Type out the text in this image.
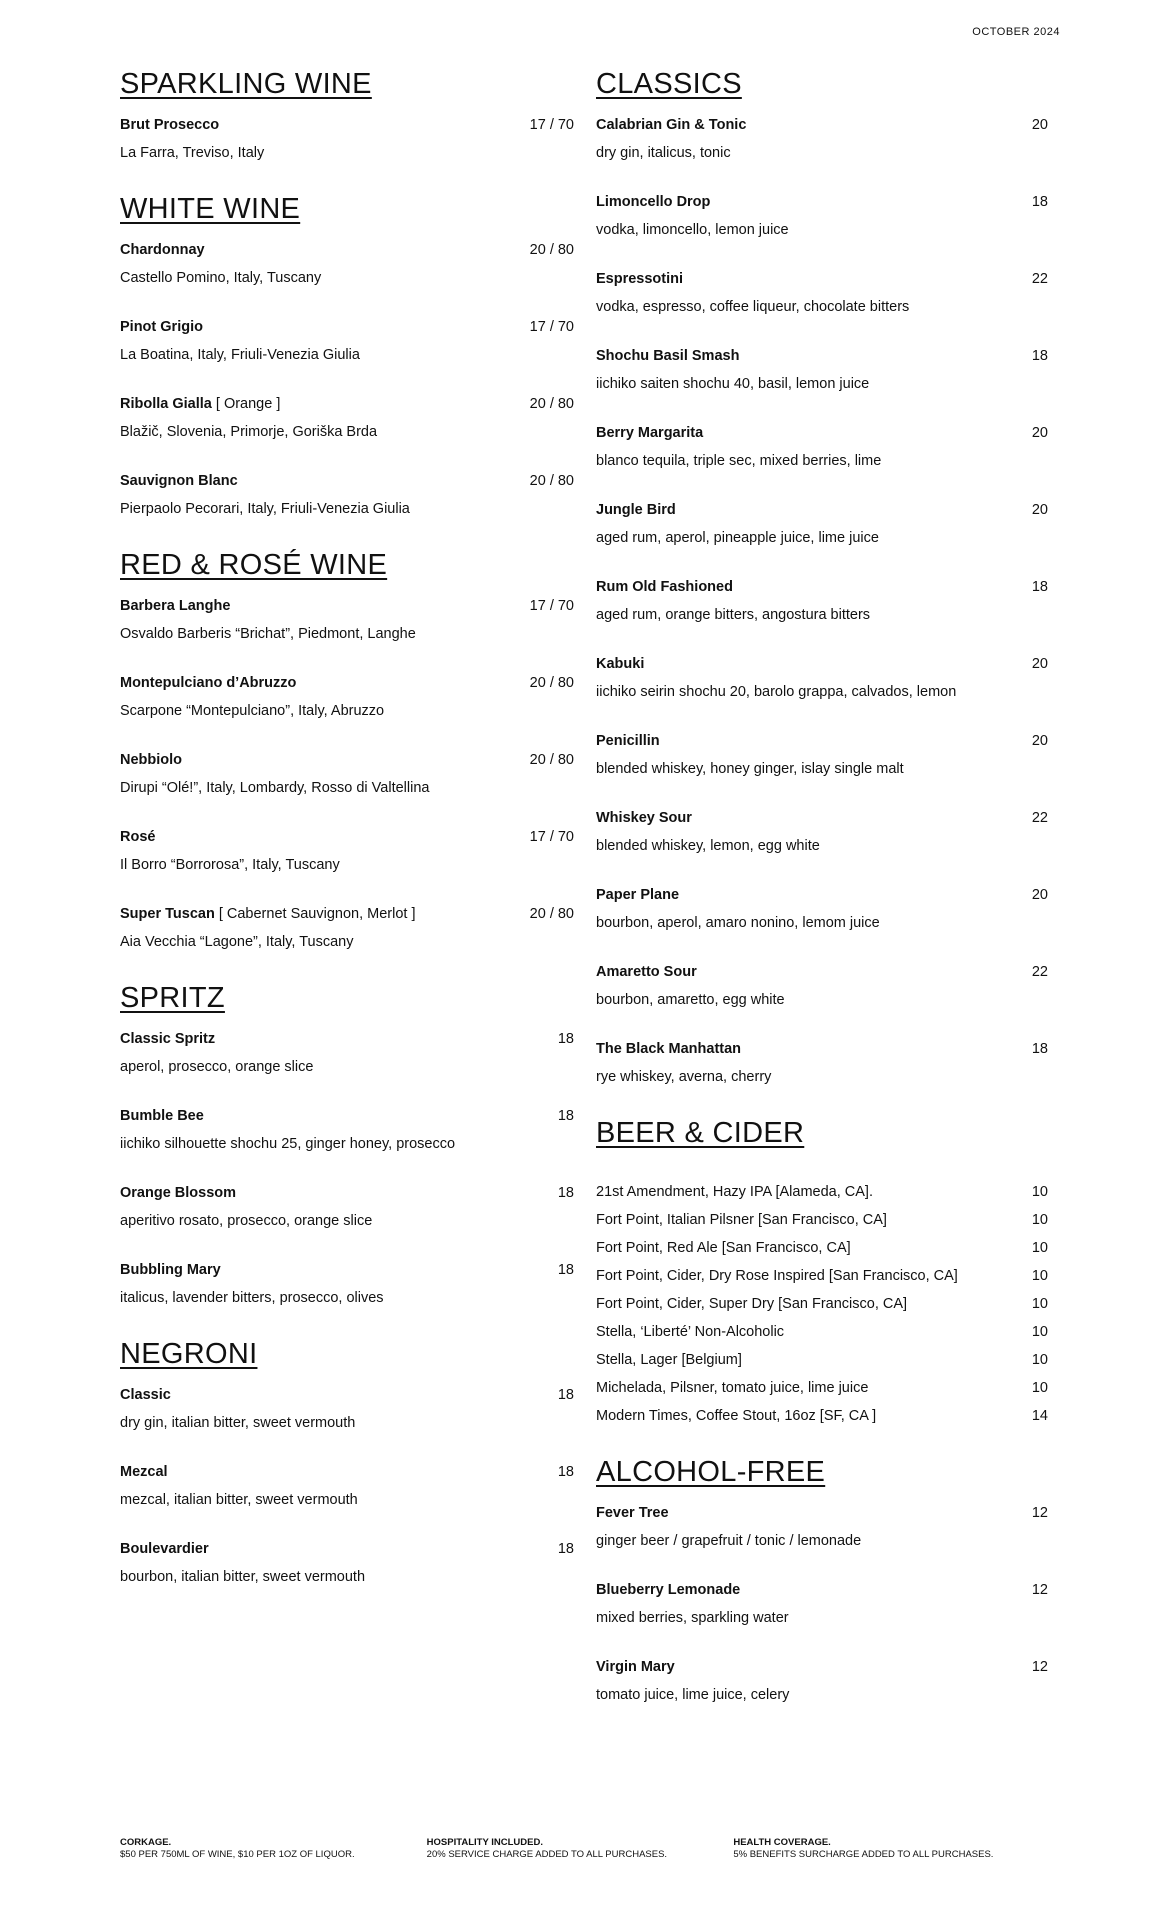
OCTOBER 2024
SPARKLING WINE
Brut Prosecco	17 / 70
La Farra, Treviso, Italy
WHITE WINE
Chardonnay	20 / 80
Castello Pomino, Italy, Tuscany
Pinot Grigio	17 / 70
La Boatina, Italy, Friuli-Venezia Giulia
Ribolla Gialla [ Orange ]	20 / 80
Blažič, Slovenia, Primorje, Goriška Brda
Sauvignon Blanc	20 / 80
Pierpaolo Pecorari, Italy, Friuli-Venezia Giulia
RED & ROSÉ WINE
Barbera Langhe	17 / 70
Osvaldo Barberis “Brichat”, Piedmont, Langhe
Montepulciano d’Abruzzo	20 / 80
Scarpone “Montepulciano”, Italy, Abruzzo
Nebbiolo	20 / 80
Dirupi “Olé!”, Italy, Lombardy, Rosso di Valtellina
Rosé	17 / 70
Il Borro “Borrorosa”, Italy, Tuscany
Super Tuscan [ Cabernet Sauvignon, Merlot ]	20 / 80
Aia Vecchia “Lagone”, Italy, Tuscany
SPRITZ
Classic Spritz	18
aperol, prosecco, orange slice
Bumble Bee	18
iichiko silhouette shochu 25, ginger honey, prosecco
Orange Blossom	18
aperitivo rosato, prosecco, orange slice
Bubbling Mary	18
italicus, lavender bitters, prosecco, olives
NEGRONI
Classic	18
dry gin, italian bitter, sweet vermouth
Mezcal	18
mezcal, italian bitter, sweet vermouth
Boulevardier	18
bourbon, italian bitter, sweet vermouth
CLASSICS
Calabrian Gin & Tonic	20
dry gin, italicus, tonic
Limoncello Drop	18
vodka, limoncello, lemon juice
Espressotini	22
vodka, espresso, coffee liqueur, chocolate bitters
Shochu Basil Smash	18
iichiko saiten shochu 40, basil, lemon juice
Berry Margarita	20
blanco tequila, triple sec, mixed berries, lime
Jungle Bird	20
aged rum, aperol, pineapple juice, lime juice
Rum Old Fashioned	18
aged rum, orange bitters, angostura bitters
Kabuki	20
iichiko seirin shochu 20, barolo grappa, calvados, lemon
Penicillin	20
blended whiskey, honey ginger, islay single malt
Whiskey Sour	22
blended whiskey, lemon, egg white
Paper Plane	20
bourbon, aperol, amaro nonino, lemom juice
Amaretto Sour	22
bourbon, amaretto, egg white
The Black Manhattan	18
rye whiskey, averna, cherry
BEER & CIDER
21st Amendment, Hazy IPA [Alameda, CA].	10
Fort Point, Italian Pilsner [San Francisco, CA]	10
Fort Point, Red Ale [San Francisco, CA]	10
Fort Point, Cider, Dry Rose Inspired [San Francisco, CA]	10
Fort Point, Cider, Super Dry [San Francisco, CA]	10
Stella, ‘Liberté’ Non-Alcoholic	10
Stella, Lager [Belgium]	10
Michelada, Pilsner, tomato juice, lime juice	10
Modern Times, Coffee Stout, 16oz [SF, CA ]	14
ALCOHOL-FREE
Fever Tree	12
ginger beer / grapefruit / tonic / lemonade
Blueberry Lemonade	12
mixed berries, sparkling water
Virgin Mary	12
tomato juice, lime juice, celery
CORKAGE.
$50 PER 750ML OF WINE, $10 PER 1OZ OF LIQUOR.
HOSPITALITY INCLUDED.
20% SERVICE CHARGE ADDED TO ALL PURCHASES.
HEALTH COVERAGE.
5% BENEFITS SURCHARGE ADDED TO ALL PURCHASES.
